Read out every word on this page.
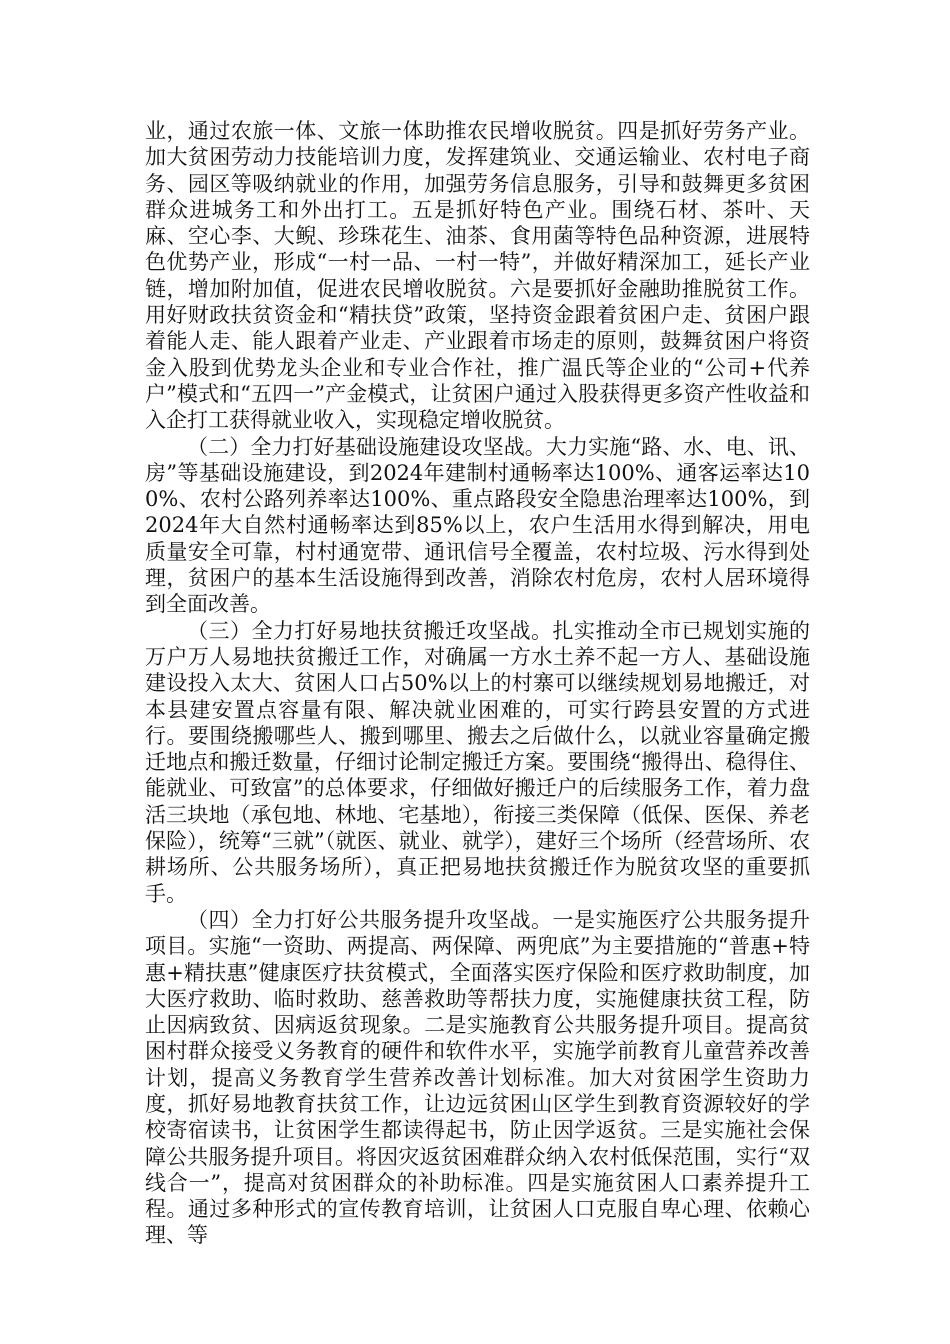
业，通过农旅一体、文旅一体助推农民增收脱贫。四是抓好劳务产业。加大贫困劳动力技能培训力度，发挥建筑业、交通运输业、农村电子商务、园区等吸纳就业的作用，加强劳务信息服务，引导和鼓舞更多贫困群众进城务工和外出打工。五是抓好特色产业。围绕石材、茶叶、天麻、空心李、大鲵、珍珠花生、油茶、食用菌等特色品种资源，进展特色优势产业，形成“一村一品、一村一特”，并做好精深加工，延长产业链，增加附加值，促进农民增收脱贫。六是要抓好金融助推脱贫工作。用好财政扶贫资金和“精扶贷”政策，坚持资金跟着贫困户走、贫困户跟着能人走、能人跟着产业走、产业跟着市场走的原则，鼓舞贫困户将资金入股到优势龙头企业和专业合作社，推广温氏等企业的“公司+代养户”模式和“五四一”产金模式，让贫困户通过入股获得更多资产性收益和入企打工获得就业收入，实现稳定增收脱贫。

（二）全力打好基础设施建设攻坚战。大力实施“路、水、电、讯、房”等基础设施建设，到2024年建制村通畅率达100%、通客运率达100%、农村公路列养率达100%、重点路段安全隐患治理率达100%，到2024年大自然村通畅率达到85%以上，农户生活用水得到解决，用电质量安全可靠，村村通宽带、通讯信号全覆盖，农村垃圾、污水得到处理，贫困户的基本生活设施得到改善，消除农村危房，农村人居环境得到全面改善。

（三）全力打好易地扶贫搬迁攻坚战。扎实推动全市已规划实施的万户万人易地扶贫搬迁工作，对确属一方水土养不起一方人、基础设施建设投入太大、贫困人口占50%以上的村寨可以继续规划易地搬迁，对本县建安置点容量有限、解决就业困难的，可实行跨县安置的方式进行。要围绕搬哪些人、搬到哪里、搬去之后做什么，以就业容量确定搬迁地点和搬迁数量，仔细讨论制定搬迁方案。要围绕“搬得出、稳得住、能就业、可致富”的总体要求，仔细做好搬迁户的后续服务工作，着力盘活三块地（承包地、林地、宅基地），衔接三类保障（低保、医保、养老保险），统筹“三就”（就医、就业、就学），建好三个场所（经营场所、农耕场所、公共服务场所），真正把易地扶贫搬迁作为脱贫攻坚的重要抓手。

（四）全力打好公共服务提升攻坚战。一是实施医疗公共服务提升项目。实施“一资助、两提高、两保障、两兜底”为主要措施的“普惠+特惠+精扶惠”健康医疗扶贫模式，全面落实医疗保险和医疗救助制度，加大医疗救助、临时救助、慈善救助等帮扶力度，实施健康扶贫工程，防止因病致贫、因病返贫现象。二是实施教育公共服务提升项目。提高贫困村群众接受义务教育的硬件和软件水平，实施学前教育儿童营养改善计划，提高义务教育学生营养改善计划标准。加大对贫困学生资助力度，抓好易地教育扶贫工作，让边远贫困山区学生到教育资源较好的学校寄宿读书，让贫困学生都读得起书，防止因学返贫。三是实施社会保障公共服务提升项目。将因灾返贫困难群众纳入农村低保范围，实行“双线合一”，提高对贫困群众的补助标准。四是实施贫困人口素养提升工程。通过多种形式的宣传教育培训，让贫困人口克服自卑心理、依赖心理、等
